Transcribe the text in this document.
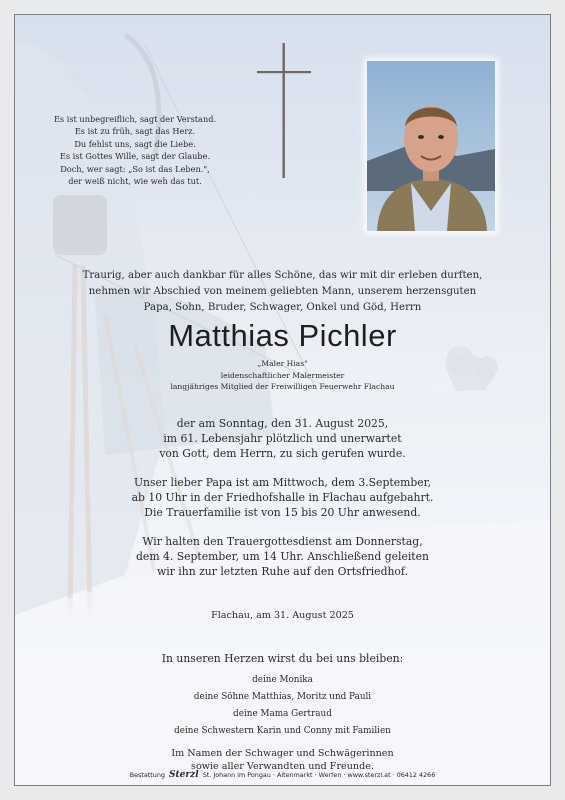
Es ist unbegreiflich, sagt der Verstand.
Es ist zu früh, sagt das Herz.
Du fehlst uns, sagt die Liebe.
Es ist Gottes Wille, sagt der Glaube.
Doch, wer sagt: „So ist das Leben.",
der weiß nicht, wie weh das tut.
Traurig, aber auch dankbar für alles Schöne, das wir mit dir erleben durften,
nehmen wir Abschied von meinem geliebten Mann, unserem herzensguten
Papa, Sohn, Bruder, Schwager, Onkel und Göd, Herrn
Matthias Pichler
„Maler Hias"
leidenschaftlicher Malermeister
langjähriges Mitglied der Freiwilligen Feuerwehr Flachau
der am Sonntag, den 31. August 2025,
im 61. Lebensjahr plötzlich und unerwartet
von Gott, dem Herrn, zu sich gerufen wurde.
Unser lieber Papa ist am Mittwoch, dem 3.September,
ab 10 Uhr in der Friedhofshalle in Flachau aufgebahrt.
Die Trauerfamilie ist von 15 bis 20 Uhr anwesend.
Wir halten den Trauergottesdienst am Donnerstag,
dem 4. September, um 14 Uhr. Anschließend geleiten
wir ihn zur letzten Ruhe auf den Ortsfriedhof.
Flachau, am 31. August 2025
In unseren Herzen wirst du bei uns bleiben:
deine Monika
deine Söhne Matthias, Moritz und Pauli
deine Mama Gertraud
deine Schwestern Karin und Conny mit Familien
Im Namen der Schwager und Schwägerinnen
sowie aller Verwandten und Freunde.
Bestattung Sterzl St. Johann im Pongau · Altenmarkt · Werfen · www.sterzl.at · 06412 4266
